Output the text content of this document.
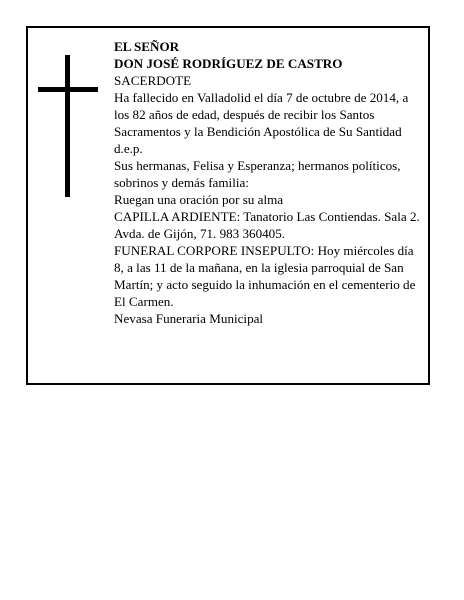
EL SEÑOR

DON JOSÉ RODRÍGUEZ DE CASTRO

SACERDOTE

Ha fallecido en Valladolid el día 7 de octubre de 2014, a los 82 años de edad, después de recibir los Santos Sacramentos y la Bendición Apostólica de Su Santidad

d.e.p.

Sus hermanas, Felisa y Esperanza; hermanos políticos, sobrinos y demás familia:

Ruegan una oración por su alma

CAPILLA ARDIENTE: Tanatorio Las Contiendas. Sala 2. Avda. de Gijón, 71. 983 360405.

FUNERAL CORPORE INSEPULTO: Hoy miércoles día 8, a las 11 de la mañana, en la iglesia parroquial de San Martín; y acto seguido la inhumación en el cementerio de El Carmen.

Nevasa Funeraria Municipal
